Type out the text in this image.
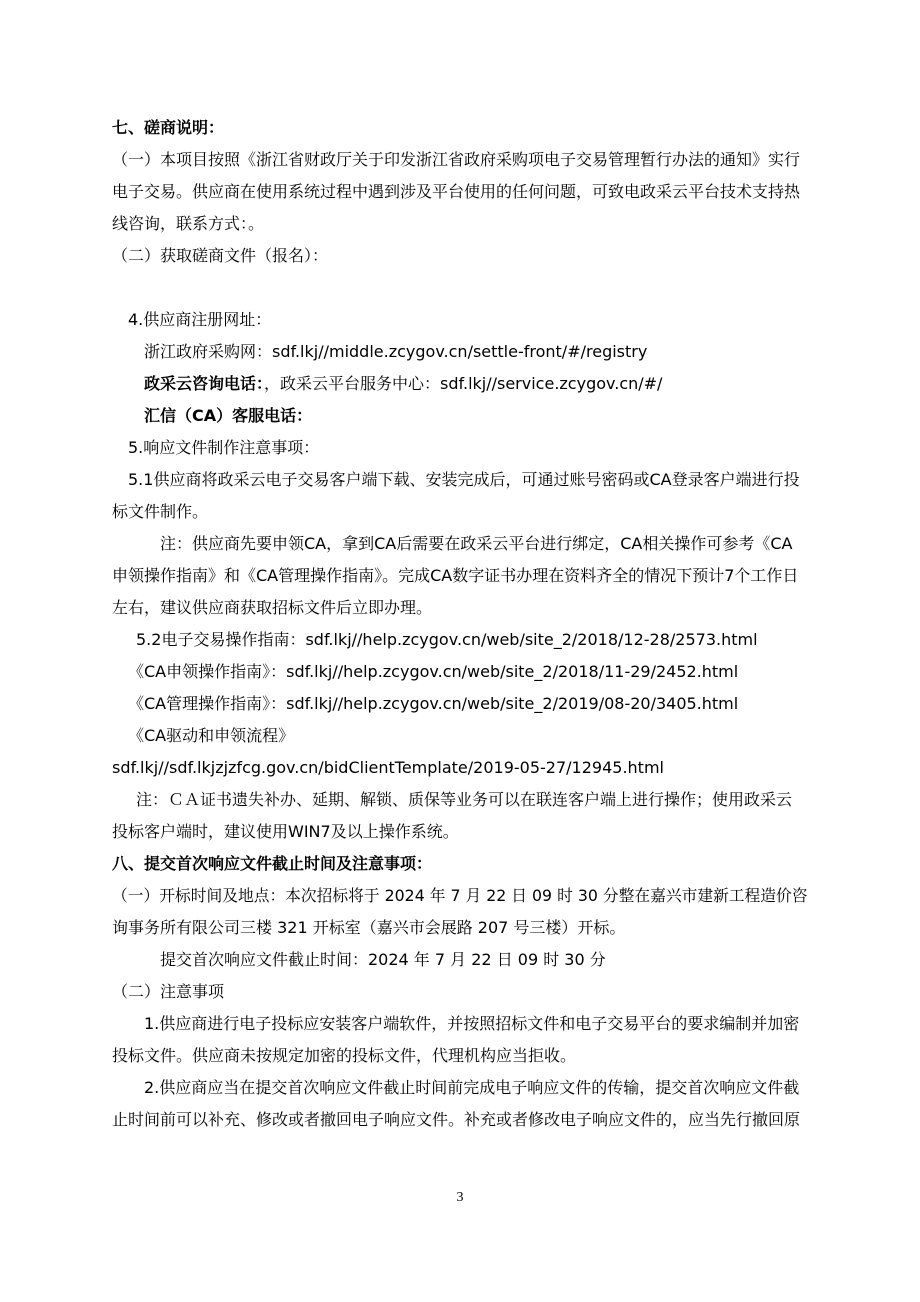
七、磋商说明：
（一）本项目按照《浙江省财政厅关于印发浙江省政府采购项电子交易管理暂行办法的通知》实行
电子交易。供应商在使用系统过程中遇到涉及平台使用的任何问题，可致电政采云平台技术支持热
线咨询，联系方式：。
（二）获取磋商文件（报名）：
4.供应商注册网址：
浙江政府采购网：sdf.lkj//middle.zcygov.cn/settle-front/#/registry
政采云咨询电话：，政采云平台服务中心：sdf.lkj//service.zcygov.cn/#/
汇信（CA）客服电话：
5.响应文件制作注意事项：
5.1供应商将政采云电子交易客户端下载、安装完成后，可通过账号密码或CA登录客户端进行投
标文件制作。
注：供应商先要申领CA，拿到CA后需要在政采云平台进行绑定，CA相关操作可参考《CA
申领操作指南》和《CA管理操作指南》。完成CA数字证书办理在资料齐全的情况下预计7个工作日
左右，建议供应商获取招标文件后立即办理。
5.2电子交易操作指南：sdf.lkj//help.zcygov.cn/web/site_2/2018/12-28/2573.html
《CA申领操作指南》：sdf.lkj//help.zcygov.cn/web/site_2/2018/11-29/2452.html
《CA管理操作指南》：sdf.lkj//help.zcygov.cn/web/site_2/2019/08-20/3405.html
《CA驱动和申领流程》
sdf.lkj//sdf.lkjzjzfcg.gov.cn/bidClientTemplate/2019-05-27/12945.html
注：ＣＡ证书遗失补办、延期、解锁、质保等业务可以在联连客户端上进行操作；使用政采云
投标客户端时，建议使用WIN7及以上操作系统。
八、提交首次响应文件截止时间及注意事项：
（一）开标时间及地点：本次招标将于 2024 年 7 月 22 日 09 时 30 分整在嘉兴市建新工程造价咨
询事务所有限公司三楼 321 开标室（嘉兴市会展路 207 号三楼）开标。
提交首次响应文件截止时间：2024 年 7 月 22 日 09 时 30 分
（二）注意事项
1.供应商进行电子投标应安装客户端软件，并按照招标文件和电子交易平台的要求编制并加密
投标文件。供应商未按规定加密的投标文件，代理机构应当拒收。
2.供应商应当在提交首次响应文件截止时间前完成电子响应文件的传输，提交首次响应文件截
止时间前可以补充、修改或者撤回电子响应文件。补充或者修改电子响应文件的，应当先行撤回原
3
